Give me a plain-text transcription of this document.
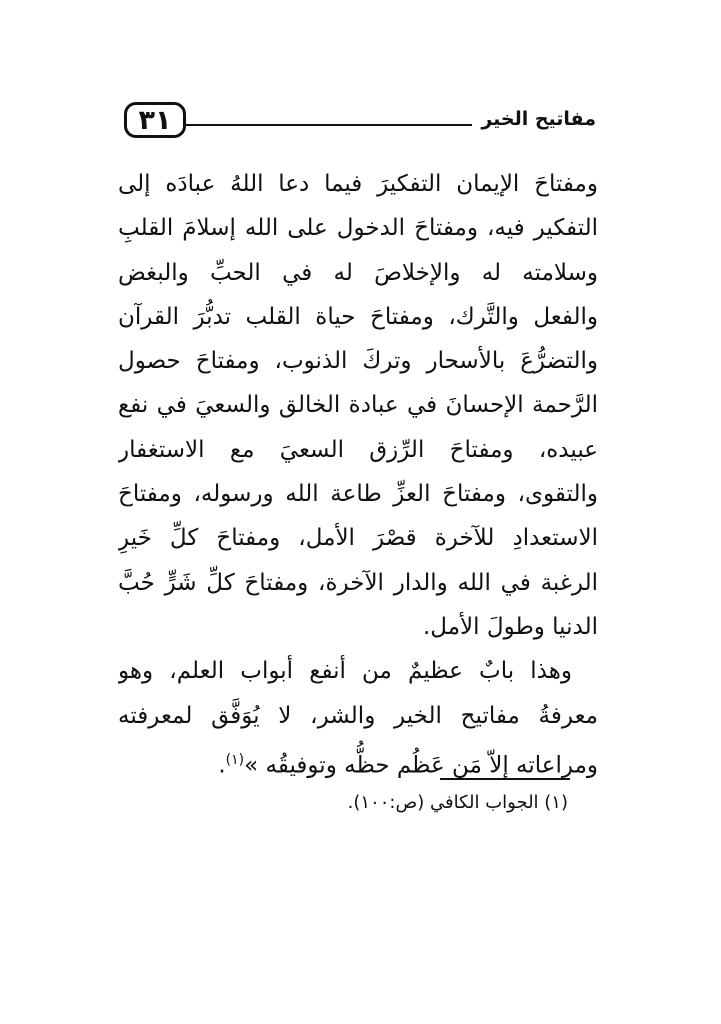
٣١	مفاتيح الخير
ومفتاحَ الإيمان التفكيرَ فيما دعا اللهُ عبادَه إلى
التفكير فيه، ومفتاحَ الدخول على الله إسلامَ القلبِ
وسلامته له والإخلاصَ له في الحبِّ والبغض
والفعل والتَّرك، ومفتاحَ حياة القلب تدبُّرَ القرآن
والتضرُّعَ بالأسحار وتركَ الذنوب، ومفتاحَ حصول
الرَّحمة الإحسانَ في عبادة الخالق والسعيَ في نفع
عبيده، ومفتاحَ الرِّزق السعيَ مع الاستغفار
والتقوى، ومفتاحَ العزِّ طاعة الله ورسوله، ومفتاحَ
الاستعدادِ للآخرة قصْرَ الأمل، ومفتاحَ كلِّ خَيرِ
الرغبة في الله والدار الآخرة، ومفتاحَ كلِّ شَرٍّ حُبَّ
الدنيا وطولَ الأمل.
وهذا بابٌ عظيمٌ من أنفع أبواب العلم، وهو
معرفةُ مفاتيح الخير والشر، لا يُوَفَّق لمعرفته
ومراعاته إلاّ مَن عَظُم حظُّه وتوفيقُه »$^{(١)}$.
(١) الجواب الكافي (ص:١٠٠).
